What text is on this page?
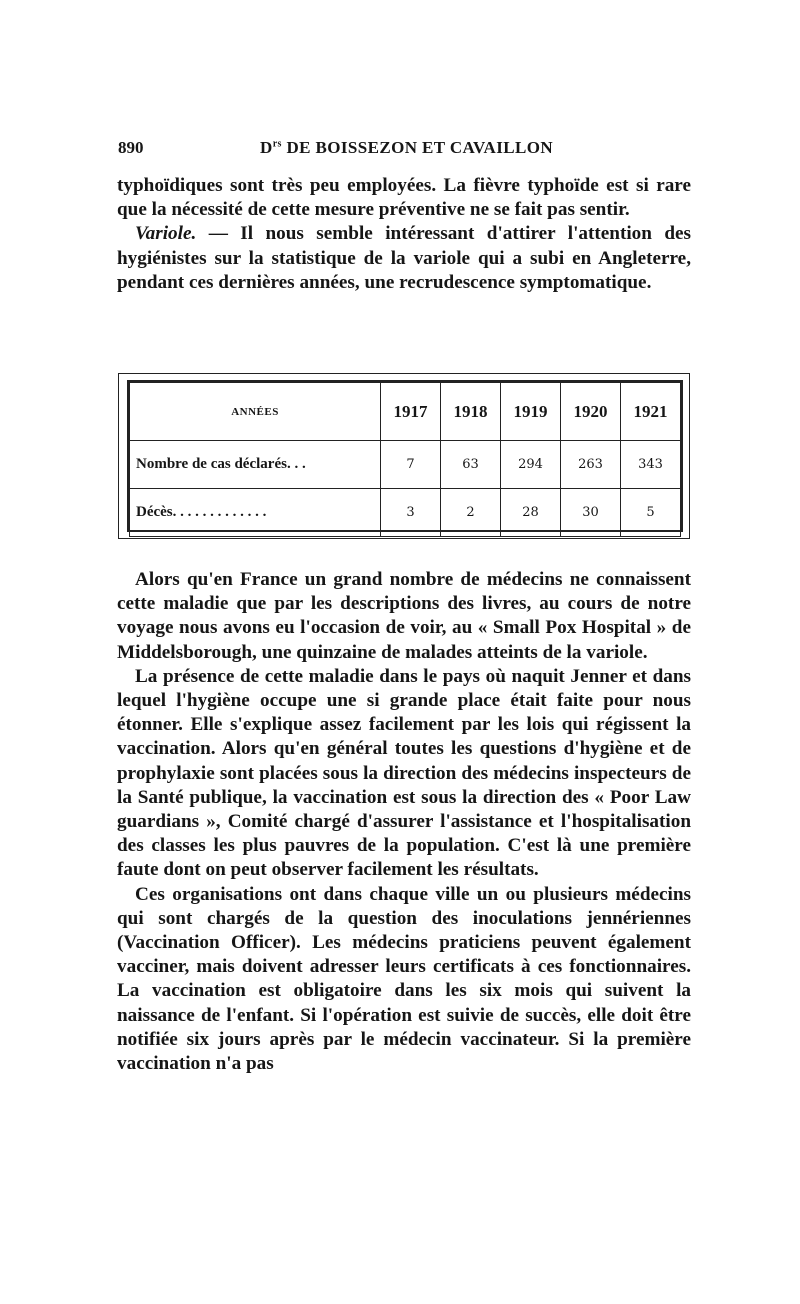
890	$D^{rs}$ DE BOISSEZON ET CAVAILLON

typhoïdiques sont très peu employées. La fièvre typhoïde est si rare que la nécessité de cette mesure préventive ne se fait pas sentir.

Variole. — Il nous semble intéressant d'attirer l'attention des hygiénistes sur la statistique de la variole qui a subi en Angleterre, pendant ces dernières années, une recrudescence symptomatique.

ANNÉES	1917	1918	1919	1920	1921
Nombre de cas déclarés. . .	7	63	294	263	343
Décès. . . . . . . . . . . . .	3	2	28	30	5

Alors qu'en France un grand nombre de médecins ne connaissent cette maladie que par les descriptions des livres, au cours de notre voyage nous avons eu l'occasion de voir, au « Small Pox Hospital » de Middelsborough, une quinzaine de malades atteints de la variole.

La présence de cette maladie dans le pays où naquit Jenner et dans lequel l'hygiène occupe une si grande place était faite pour nous étonner. Elle s'explique assez facilement par les lois qui régissent la vaccination. Alors qu'en général toutes les questions d'hygiène et de prophylaxie sont placées sous la direction des médecins inspecteurs de la Santé publique, la vaccination est sous la direction des « Poor Law guardians », Comité chargé d'assurer l'assistance et l'hospitalisation des classes les plus pauvres de la population. C'est là une première faute dont on peut observer facilement les résultats.

Ces organisations ont dans chaque ville un ou plusieurs médecins qui sont chargés de la question des inoculations jennériennes (Vaccination Officer). Les médecins praticiens peuvent également vacciner, mais doivent adresser leurs certificats à ces fonctionnaires. La vaccination est obligatoire dans les six mois qui suivent la naissance de l'enfant. Si l'opération est suivie de succès, elle doit être notifiée six jours après par le médecin vaccinateur. Si la première vaccination n'a pas
